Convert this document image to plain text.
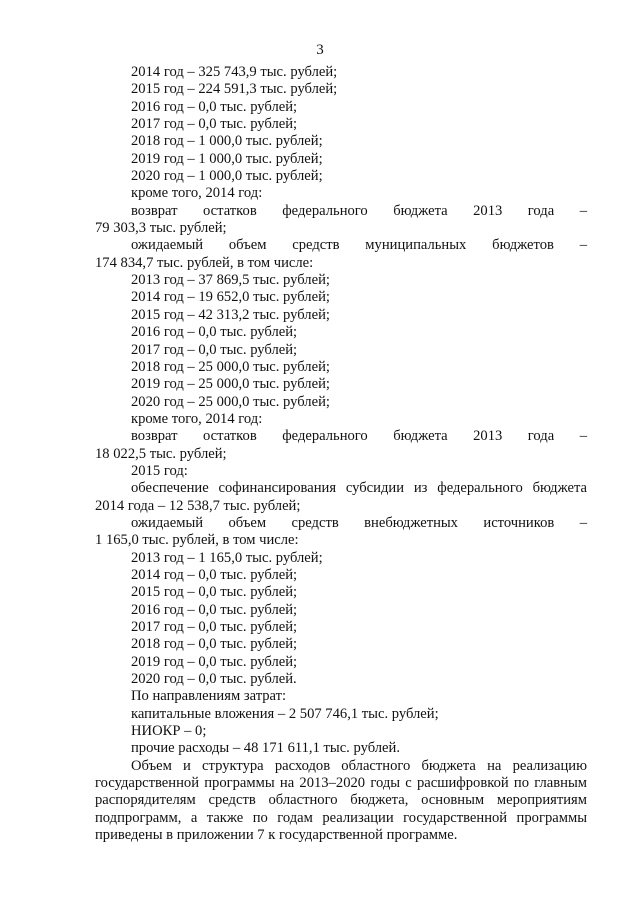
3
2014 год – 325 743,9 тыс. рублей;
2015 год – 224 591,3 тыс. рублей;
2016 год – 0,0 тыс. рублей;
2017 год – 0,0 тыс. рублей;
2018 год – 1 000,0 тыс. рублей;
2019 год – 1 000,0 тыс. рублей;
2020 год – 1 000,0 тыс. рублей;
кроме того, 2014 год:
возврат остатков федерального бюджета 2013 года –
79 303,3 тыс. рублей;
ожидаемый объем средств муниципальных бюджетов –
174 834,7 тыс. рублей, в том числе:
2013 год – 37 869,5 тыс. рублей;
2014 год – 19 652,0 тыс. рублей;
2015 год – 42 313,2 тыс. рублей;
2016 год – 0,0 тыс. рублей;
2017 год – 0,0 тыс. рублей;
2018 год – 25 000,0 тыс. рублей;
2019 год – 25 000,0 тыс. рублей;
2020 год – 25 000,0 тыс. рублей;
кроме того, 2014 год:
возврат остатков федерального бюджета 2013 года –
18 022,5 тыс. рублей;
2015 год:
обеспечение софинансирования субсидии из федерального бюджета
2014 года – 12 538,7 тыс. рублей;
ожидаемый объем средств внебюджетных источников –
1 165,0 тыс. рублей, в том числе:
2013 год – 1 165,0 тыс. рублей;
2014 год – 0,0 тыс. рублей;
2015 год – 0,0 тыс. рублей;
2016 год – 0,0 тыс. рублей;
2017 год – 0,0 тыс. рублей;
2018 год – 0,0 тыс. рублей;
2019 год – 0,0 тыс. рублей;
2020 год – 0,0 тыс. рублей.
По направлениям затрат:
капитальные вложения – 2 507 746,1 тыс. рублей;
НИОКР – 0;
прочие расходы – 48 171 611,1 тыс. рублей.
Объем и структура расходов областного бюджета на реализацию государственной программы на 2013–2020 годы с расшифровкой по главным распорядителям средств областного бюджета, основным мероприятиям подпрограмм, а также по годам реализации государственной программы приведены в приложении 7 к государственной программе.
